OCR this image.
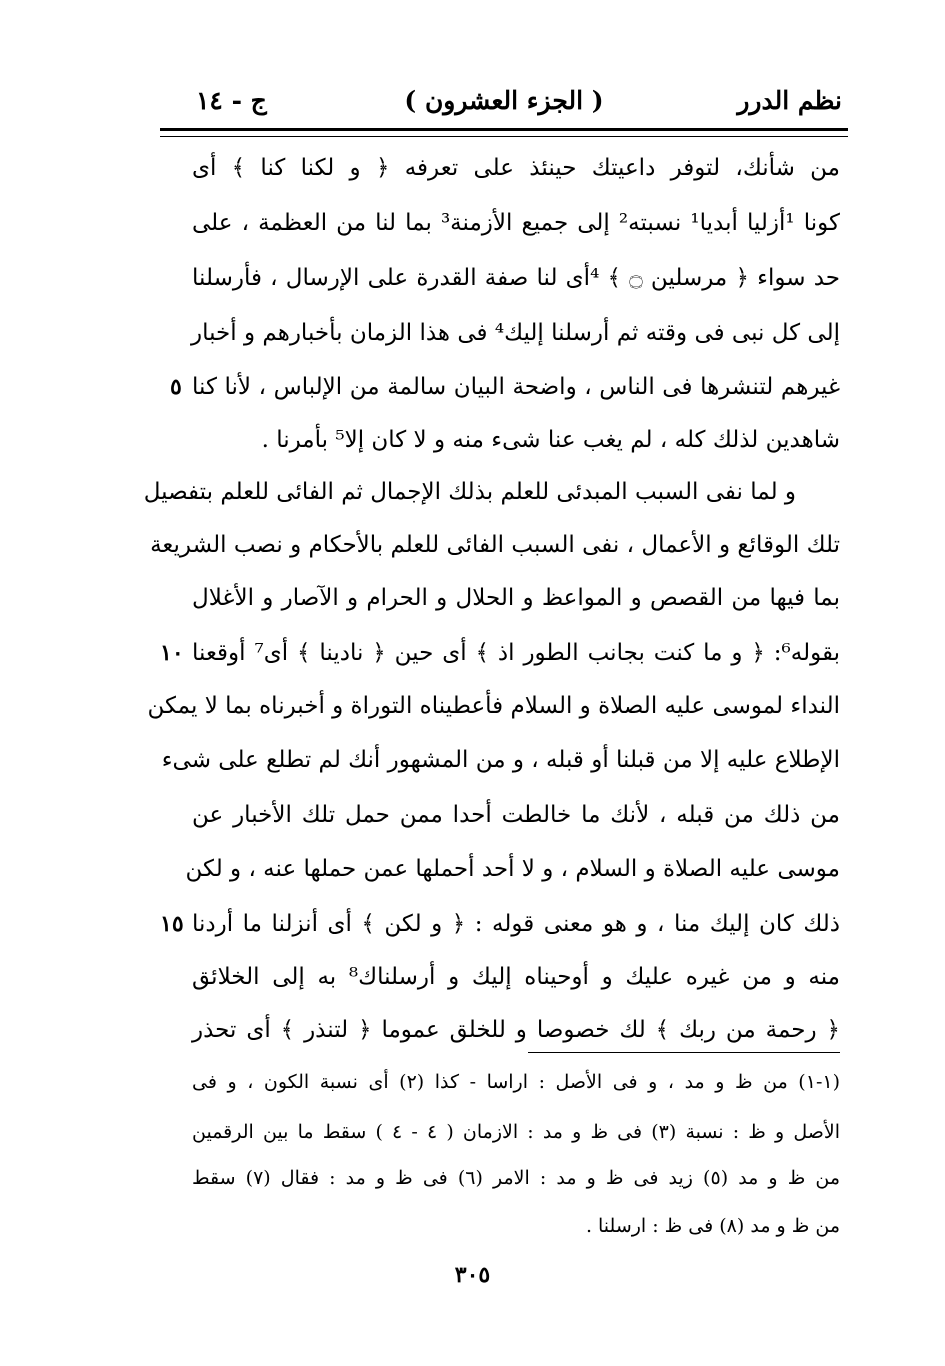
نظم الدرر
( الجزء العشرون )
ج - ١٤
من شأنك، لتوفر داعيتك حينئذ على تعرفه ﴿ و لكنا كنا ﴾ أى
كونا ¹أزليا أبديا¹ نسبته² إلى جميع الأزمنة³ بما لنا من العظمة ، على
حد سواء ﴿ مرسلين ۝ ﴾ ⁴أى لنا صفة القدرة على الإرسال ، فأرسلنا
إلى كل نبى فى وقته ثم أرسلنا إليك⁴ فى هذا الزمان بأخبارهم و أخبار
غيرهم لتنشرها فى الناس ، واضحة البيان سالمة من الإلباس ، لأنا كنا
شاهدين لذلك كله ، لم يغب عنا شىء منه و لا كان إلا⁵ بأمرنا .
و لما نفى السبب المبدئى للعلم بذلك الإجمال ثم الفائى للعلم بتفصيل
تلك الوقائع و الأعمال ، نفى السبب الفائى للعلم بالأحكام و نصب الشريعة
بما فيها من القصص و المواعظ و الحلال و الحرام و الآصار و الأغلال
بقوله⁶: ﴿ و ما كنت بجانب الطور اذ ﴾ أى حين ﴿ نادينا ﴾ أى⁷ أوقعنا
النداء لموسى عليه الصلاة و السلام فأعطيناه التوراة و أخبرناه بما لا يمكن
الإطلاع عليه إلا من قبلنا أو قبله ، و من المشهور أنك لم تطلع على شىء
من ذلك من قبله ، لأنك ما خالطت أحدا ممن حمل تلك الأخبار عن
موسى عليه الصلاة و السلام ، و لا أحد أحملها عمن حملها عنه ، و لكن
ذلك كان إليك منا ، و هو معنى قوله : ﴿ و لكن ﴾ أى أنزلنا ما أردنا
منه و من غيره عليك و أوحيناه إليك و أرسلناك⁸ به إلى الخلائق
﴿ رحمة من ربك ﴾ لك خصوصا و للخلق عموما ﴿ لتنذر ﴾ أى تحذر
٥
١٠
١٥
(١-١) من ظ و مد ، و فى الأصل : اراسا - كذا (٢) أى نسبة الكون ، و فى
الأصل و ظ : نسبة (٣) فى ظ و مد : الازمان ( ٤ - ٤ ) سقط ما بين الرقمين
من ظ و مد (٥) زيد فى ظ و مد : الامر (٦) فى ظ و مد : فقال (٧) سقط
من ظ و مد (٨) فى ظ : ارسلنا .
٣٠٥
